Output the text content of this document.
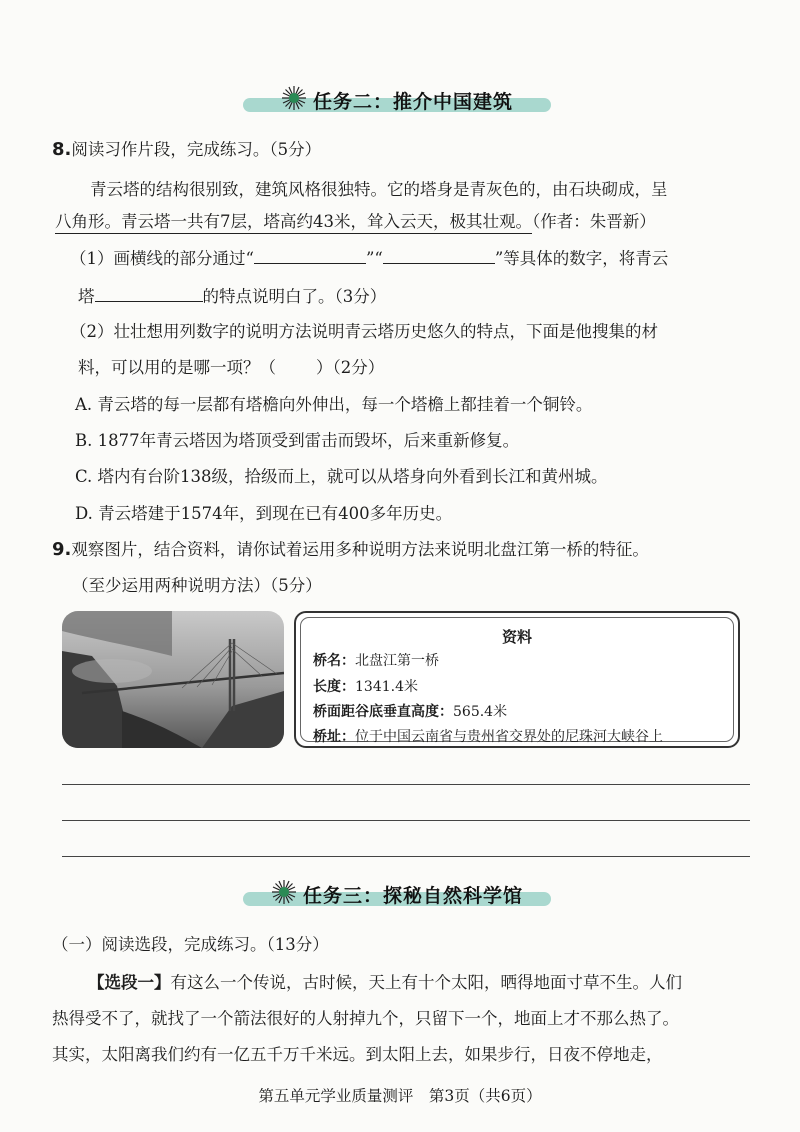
任务二：推介中国建筑
8.阅读习作片段，完成练习。（5分）
青云塔的结构很别致，建筑风格很独特。它的塔身是青灰色的，由石块砌成，呈
八角形。青云塔一共有7层，塔高约43米，耸入云天，极其壮观。（作者：朱晋新）
（1）画横线的部分通过“	”“	”等具体的数字，将青云
塔	的特点说明白了。（3分）
（2）壮壮想用列数字的说明方法说明青云塔历史悠久的特点，下面是他搜集的材
料，可以用的是哪一项？（ ）（2分）
A. 青云塔的每一层都有塔檐向外伸出，每一个塔檐上都挂着一个铜铃。
B. 1877年青云塔因为塔顶受到雷击而毁坏，后来重新修复。
C. 塔内有台阶138级，拾级而上，就可以从塔身向外看到长江和黄州城。
D. 青云塔建于1574年，到现在已有400多年历史。
9.观察图片，结合资料，请你试着运用多种说明方法来说明北盘江第一桥的特征。
（至少运用两种说明方法）（5分）
资料
桥名：北盘江第一桥
长度：1341.4米
桥面距谷底垂直高度：565.4米
桥址：位于中国云南省与贵州省交界处的尼珠河大峡谷上
任务三：探秘自然科学馆
（一）阅读选段，完成练习。（13分）
【选段一】有这么一个传说，古时候，天上有十个太阳，晒得地面寸草不生。人们
热得受不了，就找了一个箭法很好的人射掉九个，只留下一个，地面上才不那么热了。
其实，太阳离我们约有一亿五千万千米远。到太阳上去，如果步行，日夜不停地走，
第五单元学业质量测评　第3页（共6页）
